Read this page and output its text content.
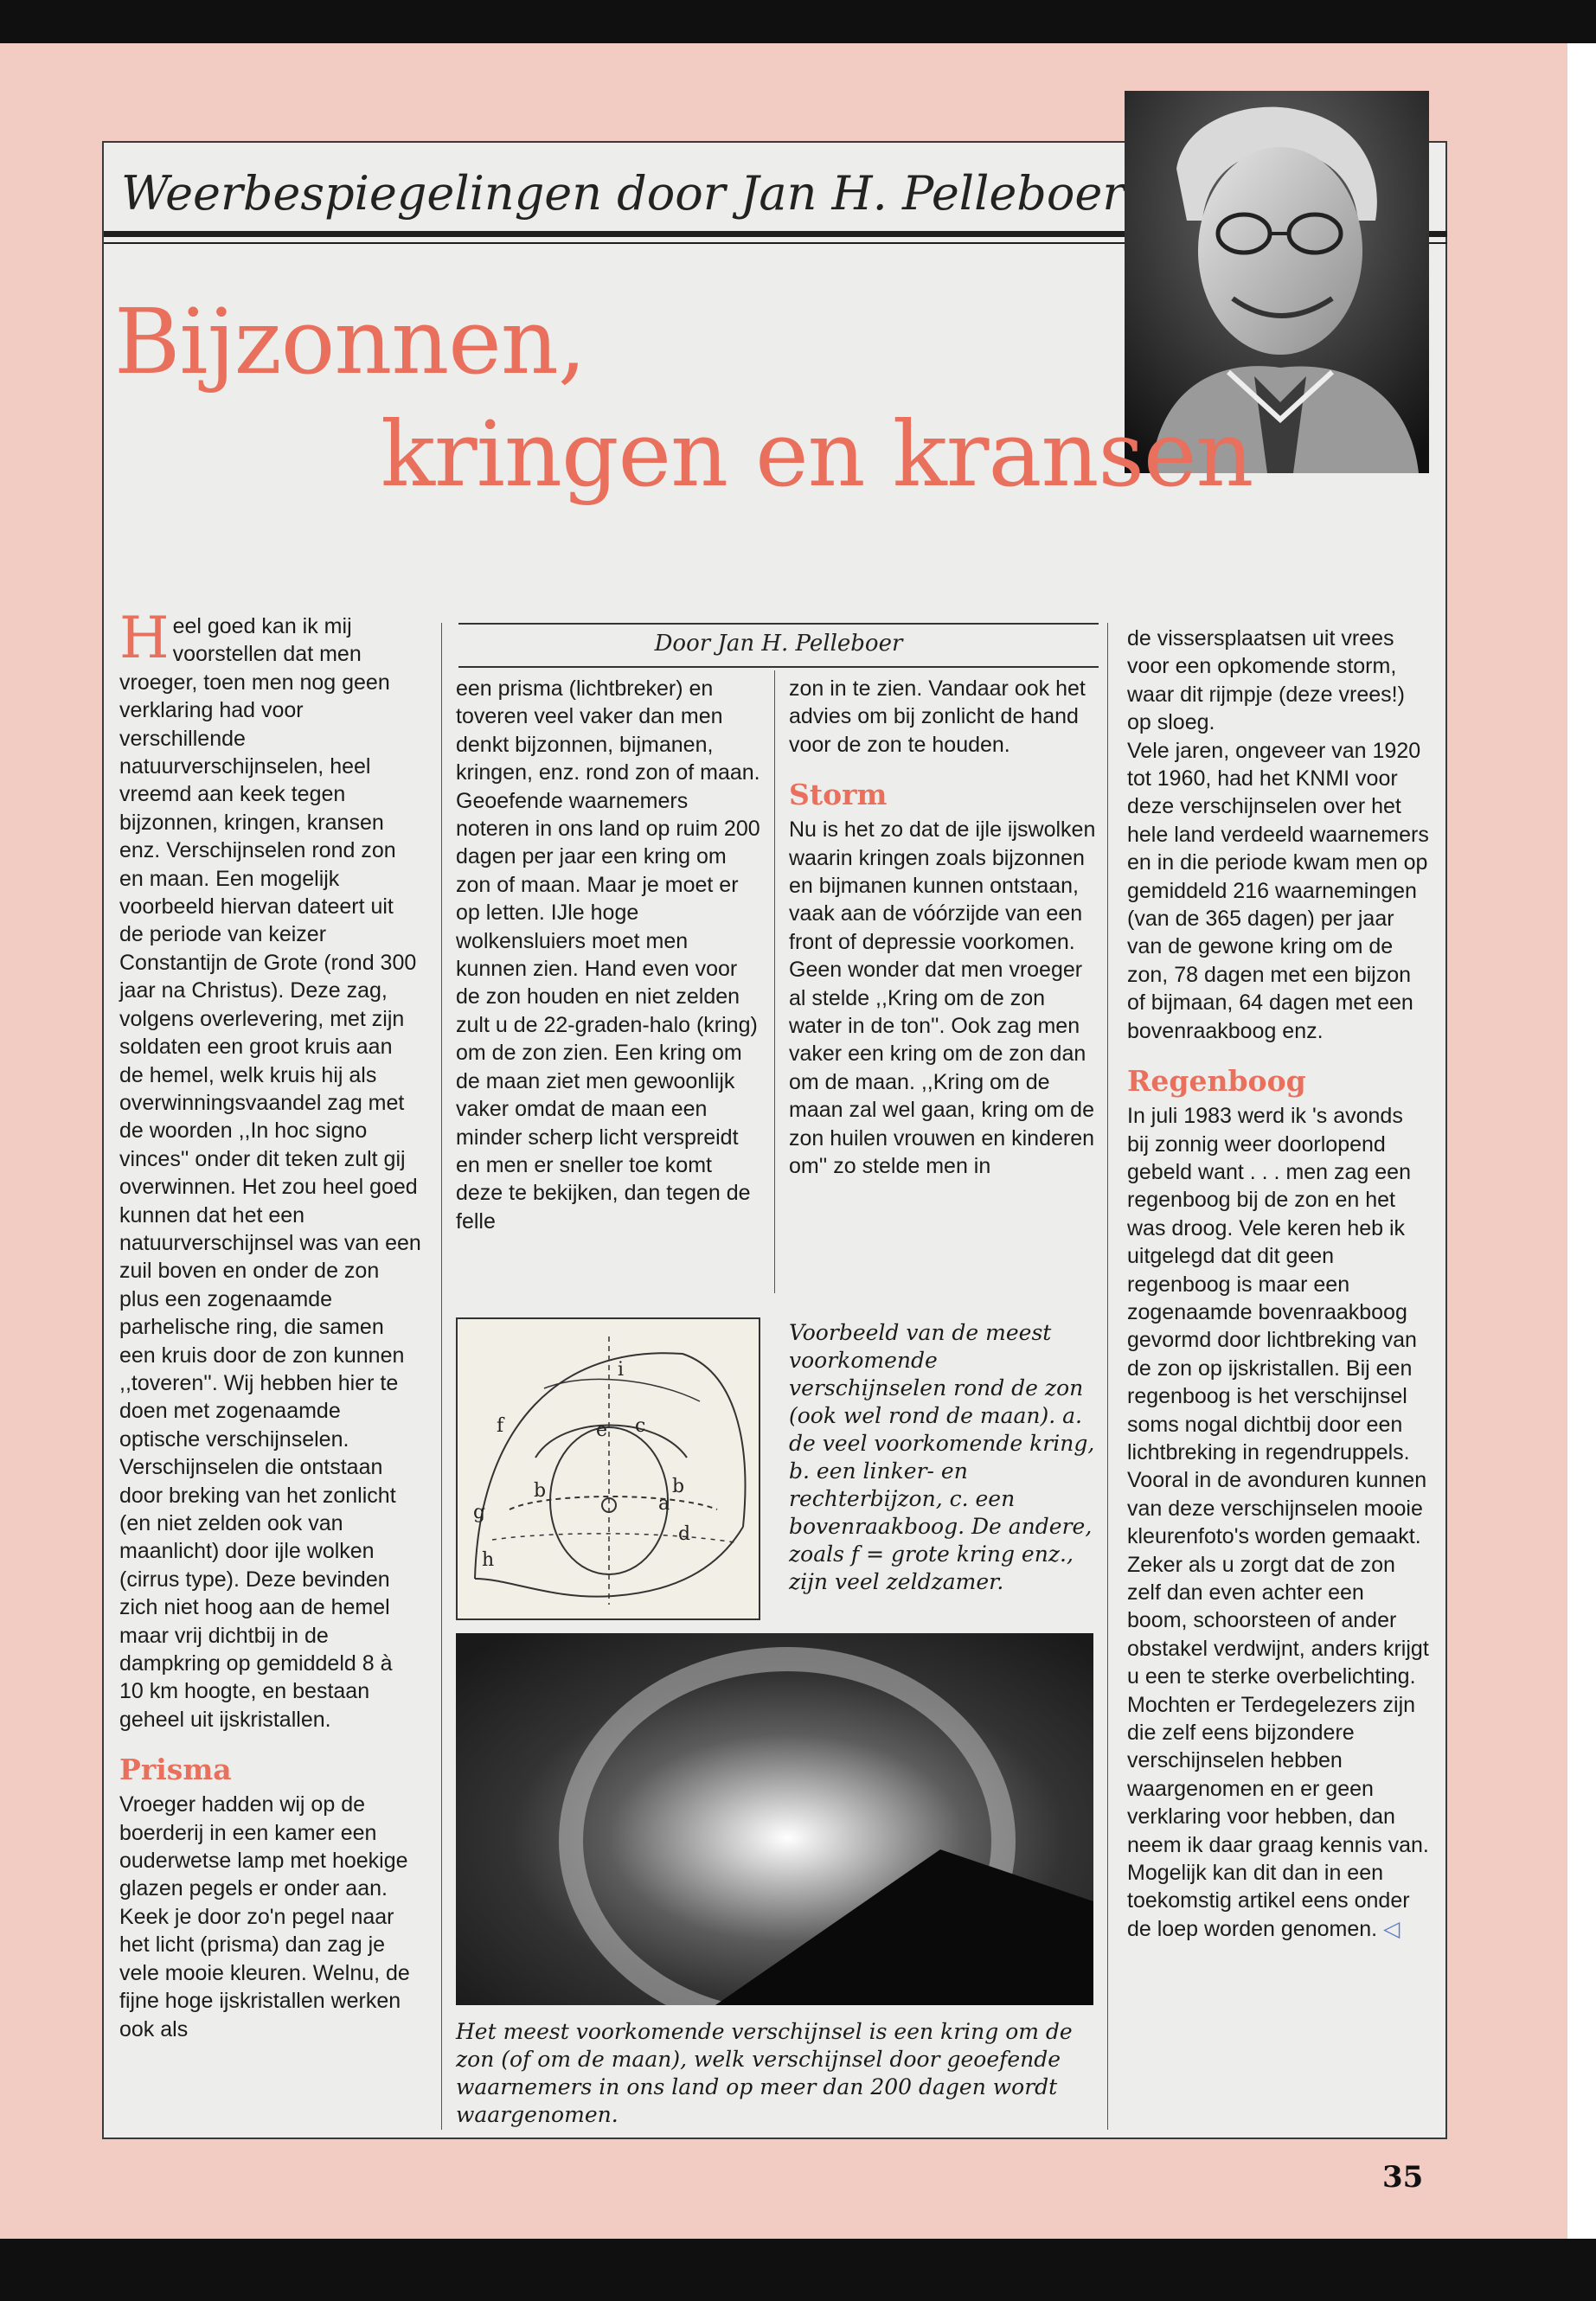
Weerbespiegelingen door Jan H. Pelleboer
Bijzonnen,
kringen en kransen
Door Jan H. Pelleboer

Heel goed kan ik mij voorstellen dat men vroeger, toen men nog geen verklaring had voor verschillende natuurverschijnselen, heel vreemd aan keek tegen bijzonnen, kringen, kransen enz. Verschijnselen rond zon en maan. Een mogelijk voorbeeld hiervan dateert uit de periode van keizer Constantijn de Grote (rond 300 jaar na Christus). Deze zag, volgens overlevering, met zijn soldaten een groot kruis aan de hemel, welk kruis hij als overwinningsvaandel zag met de woorden ,,In hoc signo vinces'' onder dit teken zult gij overwinnen. Het zou heel goed kunnen dat het een natuurverschijnsel was van een zuil boven en onder de zon plus een zogenaamde parhelische ring, die samen een kruis door de zon kunnen ,,toveren''. Wij hebben hier te doen met zogenaamde optische verschijnselen. Verschijnselen die ontstaan door breking van het zonlicht (en niet zelden ook van maanlicht) door ijle wolken (cirrus type). Deze bevinden zich niet hoog aan de hemel maar vrij dichtbij in de dampkring op gemiddeld 8 à 10 km hoogte, en bestaan geheel uit ijskristallen.

Prisma

Vroeger hadden wij op de boerderij in een kamer een ouderwetse lamp met hoekige glazen pegels er onder aan. Keek je door zo'n pegel naar het licht (prisma) dan zag je vele mooie kleuren. Welnu, de fijne hoge ijskristallen werken ook als

een prisma (lichtbreker) en toveren veel vaker dan men denkt bijzonnen, bijmanen, kringen, enz. rond zon of maan.

Geoefende waarnemers noteren in ons land op ruim 200 dagen per jaar een kring om zon of maan. Maar je moet er op letten. IJle hoge wolkensluiers moet men kunnen zien. Hand even voor de zon houden en niet zelden zult u de 22-graden-halo (kring) om de zon zien. Een kring om de maan ziet men gewoonlijk vaker omdat de maan een minder scherp licht verspreidt en men er sneller toe komt deze te bekijken, dan tegen de felle

zon in te zien. Vandaar ook het advies om bij zonlicht de hand voor de zon te houden.

Storm

Nu is het zo dat de ijle ijswolken waarin kringen zoals bijzonnen en bijmanen kunnen ontstaan, vaak aan de vóórzijde van een front of depressie voorkomen. Geen wonder dat men vroeger al stelde ,,Kring om de zon water in de ton''. Ook zag men vaker een kring om de zon dan om de maan. ,,Kring om de maan zal wel gaan, kring om de zon huilen vrouwen en kinderen om'' zo stelde men in

de vissersplaatsen uit vrees voor een opkomende storm, waar dit rijmpje (deze vrees!) op sloeg.

Vele jaren, ongeveer van 1920 tot 1960, had het KNMI voor deze verschijnselen over het hele land verdeeld waarnemers en in die periode kwam men op gemiddeld 216 waarnemingen (van de 365 dagen) per jaar van de gewone kring om de zon, 78 dagen met een bijzon of bijmaan, 64 dagen met een bovenraakboog enz.

Regenboog

In juli 1983 werd ik 's avonds bij zonnig weer doorlopend gebeld want . . . men zag een regenboog bij de zon en het was droog. Vele keren heb ik uitgelegd dat dit geen regenboog is maar een zogenaamde bovenraakboog gevormd door lichtbreking van de zon op ijskristallen. Bij een regenboog is het verschijnsel soms nogal dichtbij door een lichtbreking in regendruppels. Vooral in de avonduren kunnen van deze verschijnselen mooie kleurenfoto's worden gemaakt. Zeker als u zorgt dat de zon zelf dan even achter een boom, schoorsteen of ander obstakel verdwijnt, anders krijgt u een te sterke overbelichting. Mochten er Terdegelezers zijn die zelf eens bijzondere verschijnselen hebben waargenomen en er geen verklaring voor hebben, dan neem ik daar graag kennis van. Mogelijk kan dit dan in een toekomstig artikel eens onder de loep worden genomen. ◁

a
b	b
c
d
e
f
g
h
i
Voorbeeld van de meest voorkomende verschijnselen rond de zon (ook wel rond de maan). a. de veel voorkomende kring, b. een linker- en rechterbijzon, c. een bovenraakboog. De andere, zoals f = grote kring enz., zijn veel zeldzamer.
Het meest voorkomende verschijnsel is een kring om de zon (of om de maan), welk verschijnsel door geoefende waarnemers in ons land op meer dan 200 dagen wordt waargenomen.
35
